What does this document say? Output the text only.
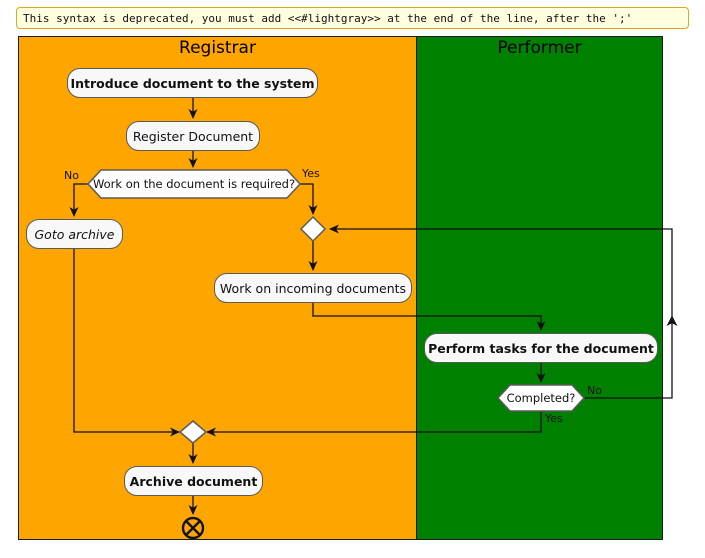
This syntax is deprecated, you must add <<#lightgray>> at the end of the line, after the ';'
Registrar	Performer
Introduce document to the system
Register Document
Work on the document is required?
Goto archive
Work on incoming documents
Perform tasks for the document
Completed?
Archive document
No	Yes
No
Yes
